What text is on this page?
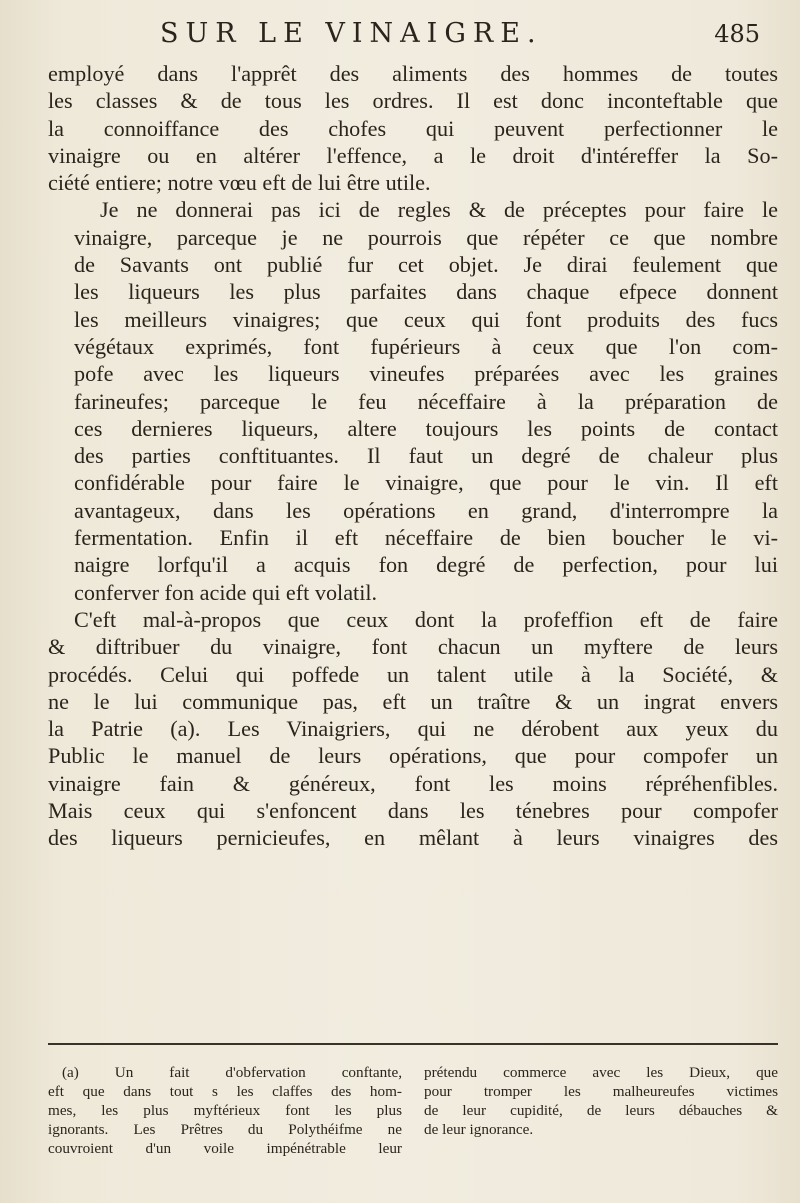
SUR LE VINAIGRE.	485

employé dans l'apprêt des aliments des hommes de toutes
les classes & de tous les ordres. Il est donc inconteftable que
la connoiffance des chofes qui peuvent perfectionner le
vinaigre ou en altérer l'effence, a le droit d'intéreffer la So-
ciété entiere; notre vœu eft de lui être utile.

Je ne donnerai pas ici de regles & de préceptes pour faire le
vinaigre, parceque je ne pourrois que répéter ce que nombre
de Savants ont publié fur cet objet. Je dirai feulement que
les liqueurs les plus parfaites dans chaque efpece donnent
les meilleurs vinaigres; que ceux qui font produits des fucs
végétaux exprimés, font fupérieurs à ceux que l'on com-
pofe avec les liqueurs vineufes préparées avec les graines
farineufes; parceque le feu néceffaire à la préparation de
ces dernieres liqueurs, altere toujours les points de contact
des parties conftituantes. Il faut un degré de chaleur plus
confidérable pour faire le vinaigre, que pour le vin. Il eft
avantageux, dans les opérations en grand, d'interrompre la
fermentation. Enfin il eft néceffaire de bien boucher le vi-
naigre lorfqu'il a acquis fon degré de perfection, pour lui
conferver fon acide qui eft volatil.

C'eft mal-à-propos que ceux dont la profeffion eft de faire
& diftribuer du vinaigre, font chacun un myftere de leurs
procédés. Celui qui poffede un talent utile à la Société, &
ne le lui communique pas, eft un traître & un ingrat envers
la Patrie (a). Les Vinaigriers, qui ne dérobent aux yeux du
Public le manuel de leurs opérations, que pour compofer un
vinaigre fain & généreux, font les moins répréhenfibles.
Mais ceux qui s'enfoncent dans les ténebres pour compofer
des liqueurs pernicieufes, en mêlant à leurs vinaigres des

(a) Un fait d'obfervation conftante,
eft que dans tout s les claffes des hom-
mes, les plus myftérieux font les plus
ignorants. Les Prêtres du Polythéifme ne
couvroient d'un voile impénétrable leur
prétendu commerce avec les Dieux, que
pour tromper les malheureufes victimes
de leur cupidité, de leurs débauches &
de leur ignorance.
